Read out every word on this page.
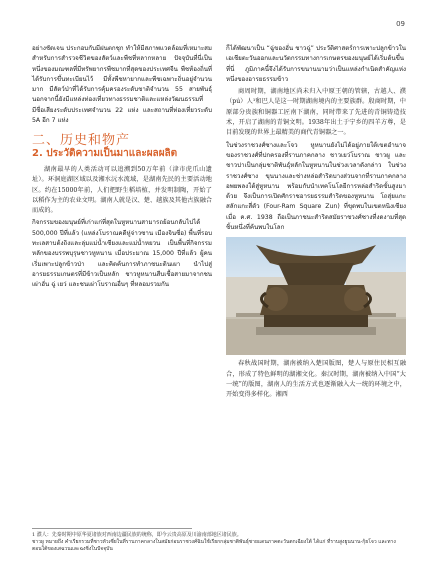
09

อย่างชัดเจน ประกอบกับมีฝนตกชุก ทำให้มีสภาพแวดล้อมที่เหมาะสมสำหรับการสำรวจชีวิตของสัตว์และพืชที่หลากหลาย ปัจจุบันที่นี่เป็นหนึ่งของมณฑลที่มีทรัพยากรพืชมากที่สุดของประเทศจีน พืชท้องถิ่นที่ได้รับการขึ้นทะเบียนไว้ มีทั้งพืชหายากและพืชเฉพาะถิ่นอยู่จำนวนมาก มีสัตว์ป่าที่ได้รับการคุ้มครองระดับชาติจำนวน 55 สายพันธุ์ นอกจากนี้ยังมีแหล่งท่องเที่ยวทางธรรมชาติและแหล่งวัฒนธรรมที่มีชื่อเสียงระดับประเทศจำนวน 22 แห่ง และสถานที่ท่องเที่ยวระดับ 5A อีก 7 แห่ง

二、历史和物产
2. ประวัติความเป็นมาและผลผลิต

湖南最早的人类活动可以追溯到50万年前（津市虎爪山遗址）。环洞庭湖区域以及湘水沅水流域，是湖南先民的主要活动地区。约在15000年前，人们把野生稻培植，并发明制陶，开始了以稻作为主的农业文明。湖南人就是汉、楚、越族及其他古族融合而成的。

กิจกรรมของมนุษย์ที่เก่าแก่ที่สุดในหูหนานสามารถย้อนกลับไปได้ 500,000 ปีที่แล้ว (แหล่งโบราณคดีหู่จ่าวซาน เมืองจินซื่อ) พื้นที่รอบทะเลสาบต้งถิงและลุ่มแม่น้ำเซียงและแม่น้ำหยวน เป็นพื้นที่กิจกรรมหลักของบรรพบุรุษชาวหูหนาน เมื่อประมาณ 15,000 ปีที่แล้ว ผู้คนเริ่มเพาะปลูกข้าวป่า และคิดค้นการทำภาชนะดินเผา นำไปสู่อารยธรรมเกษตรที่มีข้าวเป็นหลัก ชาวหูหนานสืบเชื้อสายมาจากชนเผ่าฮั่น ฉู่ เยว่ และชนเผ่าโบราณอื่นๆ ที่หลอมรวมกัน

ก็ได้พัฒนาเป็น “ฉู่ของฮั่น ชาวฉู่” ประวัติศาสตร์การเพาะปลูกข้าวในเอเชียตะวันออกและนวัตกรรมทางการเกษตรของมนุษย์ได้เริ่มต้นขึ้นที่นี่ ภูมิภาคนี้จึงได้รับการขนานนามว่าเป็นแหล่งกำเนิดสำคัญแห่งหนึ่งของอารยธรรมข้าว

商周时期，湖南地区尚未归入中原王朝的管辖，古越人、濮（pú）人¹和巴人是这一时期湖南境内的主要族群。殷商时期，中原部分贵族和铜器工匠南下湖南，同时带来了先进的青铜铸造技术，开启了湖南的青铜文明。1938年出土于宁乡的四羊方尊，是目前发现的世界上最精美的商代青铜器之一。

ในช่วงราชวงศ์ซางและโจว หูหนานยังไม่ได้อยู่ภายใต้เขตอำนาจของราชวงศ์ที่ปกครองที่ราบภาคกลาง ชาวเยว่โบราณ ชาวผู และชาวปาเป็นกลุ่มชาติพันธุ์หลักในหูหนานในช่วงเวลาดังกล่าว ในช่วงราชวงศ์ซาง ขุนนางและช่างหล่อสำริดบางส่วนจากที่ราบภาคกลางอพยพลงใต้สู่หูหนาน พร้อมกับนำเทคโนโลยีการหล่อสำริดขั้นสูงมาด้วย จึงเป็นการเปิดศักราชอารยธรรมสำริดของหูหนาน โถสุ่ยแกะสลักแกะสี่ตัว (Four-Ram Square Zun) ที่ขุดพบในเขตหนิงเซียงเมื่อ ค.ศ. 1938 ถือเป็นภาชนะสำริดสมัยราชวงศ์ซางที่งดงามที่สุดชิ้นหนึ่งที่ค้นพบในโลก

春秋战国时期，湖南被纳入楚国版图，楚人与原住民相互融合，形成了特色鲜明的湖湘文化。秦汉时期，湖南被纳入中国“大一统”的版图，湖南人的生活方式也逐渐融入大一统的环境之中，开始变得多样化。湘西

1 濮人：先秦时期中原华夏诸族对西南边疆民族的统称，即今云贵高原及川渝南部地区诸民族。

ชาวผู หมายถึง คำเรียกรวมที่ชาวหัวเซี่ยในที่ราบภาคกลางในสมัยก่อนราชวงศ์ฉินใช้เรียกกลุ่มชาติพันธุ์ชายแดนภาคตะวันตกเฉียงใต้ ได้แก่ ที่ราบสูงยูนนาน-กุ้ยโจว และทางตอนใต้ของเสฉวนและฉงชิ่งในปัจจุบัน
